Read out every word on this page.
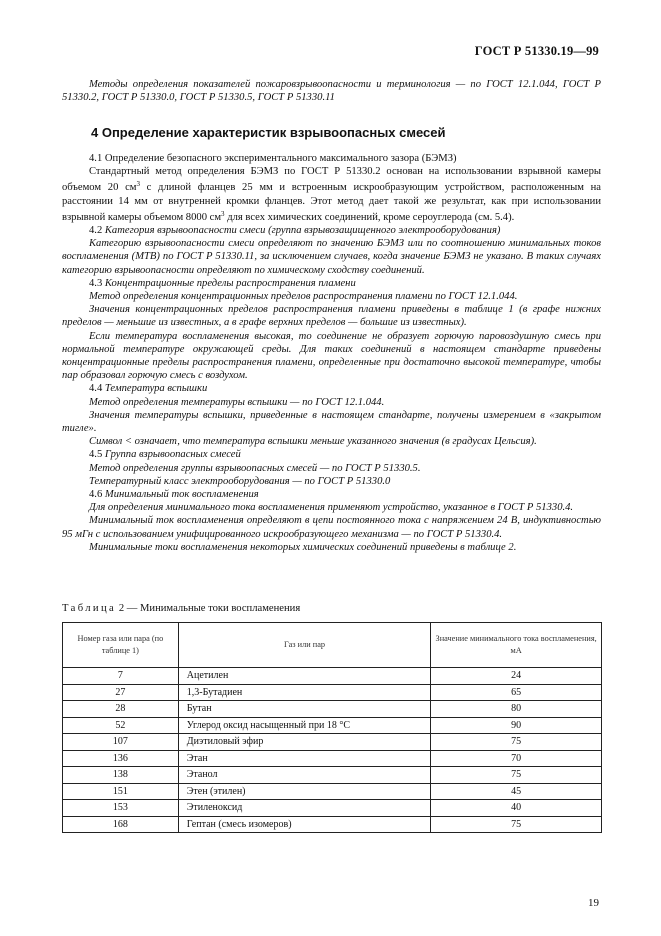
ГОСТ Р 51330.19—99

Методы определения показателей пожаровзрывоопасности и терминология — по ГОСТ 12.1.044, ГОСТ Р 51330.2, ГОСТ Р 51330.0, ГОСТ Р 51330.5, ГОСТ Р 51330.11

4 Определение характеристик взрывоопасных смесей

4.1 Определение безопасного экспериментального максимального зазора (БЭМЗ)

Стандартный метод определения БЭМЗ по ГОСТ Р 51330.2 основан на использовании взрывной камеры объемом 20 $см^3$ с длиной фланцев 25 мм и встроенным искрообразующим устройством, расположенным на расстоянии 14 мм от внутренней кромки фланцев. Этот метод дает такой же результат, как при использовании взрывной камеры объемом 8000 $см^3$ для всех химических соединений, кроме сероуглерода (см. 5.4).

4.2 Категория взрывоопасности смеси (группа взрывозащищенного электрооборудования)

Категорию взрывоопасности смеси определяют по значению БЭМЗ или по соотношению минимальных токов воспламенения (МТВ) по ГОСТ Р 51330.11, за исключением случаев, когда значение БЭМЗ не указано. В таких случаях категорию взрывоопасности определяют по химическому сходству соединений.

4.3 Концентрационные пределы распространения пламени

Метод определения концентрационных пределов распространения пламени по ГОСТ 12.1.044.

Значения концентрационных пределов распространения пламени приведены в таблице 1 (в графе нижних пределов — меньшие из известных, а в графе верхних пределов — большие из известных).

Если температура воспламенения высокая, то соединение не образует горючую паровоздушную смесь при нормальной температуре окружающей среды. Для таких соединений в настоящем стандарте приведены концентрационные пределы распространения пламени, определенные при достаточно высокой температуре, чтобы пар образовал горючую смесь с воздухом.

4.4 Температура вспышки

Метод определения температуры вспышки — по ГОСТ 12.1.044.

Значения температуры вспышки, приведенные в настоящем стандарте, получены измерением в «закрытом тигле».

Символ < означает, что температура вспышки меньше указанного значения (в градусах Цельсия).

4.5 Группа взрывоопасных смесей

Метод определения группы взрывоопасных смесей — по ГОСТ Р 51330.5.

Температурный класс электрооборудования — по ГОСТ Р 51330.0

4.6 Минимальный ток воспламенения

Для определения минимального тока воспламенения применяют устройство, указанное в ГОСТ Р 51330.4.

Минимальный ток воспламенения определяют в цепи постоянного тока с напряжением 24 В, индуктивностью 95 мГн с использованием унифицированного искрообразующего механизма — по ГОСТ Р 51330.4.

Минимальные токи воспламенения некоторых химических соединений приведены в таблице 2.

Таблица 2 — Минимальные токи воспламенения
Номер газа или пара (по таблице 1)	Газ или пар	Значение минимального тока воспламенения, мА
7	Ацетилен	24
27	1,3-Бутадиен	65
28	Бутан	80
52	Углерод оксид насыщенный при 18 °С	90
107	Диэтиловый эфир	75
136	Этан	70
138	Этанол	75
151	Этен (этилен)	45
153	Этиленоксид	40
168	Гептан (смесь изомеров)	75
19
